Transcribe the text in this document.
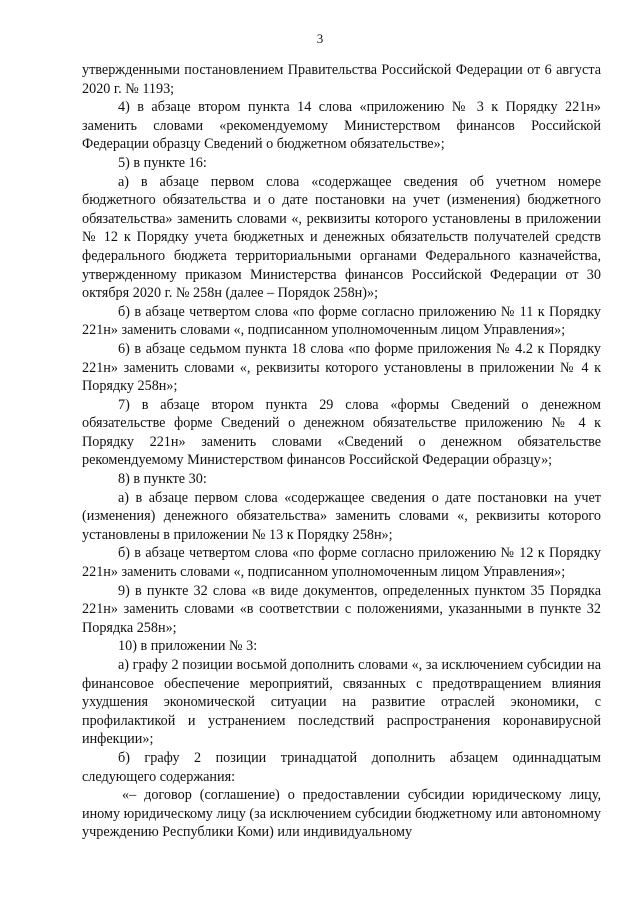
3

утвержденными постановлением Правительства Российской Федерации от 6 августа 2020 г. № 1193;

4) в абзаце втором пункта 14 слова «приложению № 3 к Порядку 221н» заменить словами «рекомендуемому Министерством финансов Российской Федерации образцу Сведений о бюджетном обязательстве»;

5) в пункте 16:

а) в абзаце первом слова «содержащее сведения об учетном номере бюджетного обязательства и о дате постановки на учет (изменения) бюджетного обязательства» заменить словами «, реквизиты которого установлены в приложении № 12 к Порядку учета бюджетных и денежных обязательств получателей средств федерального бюджета территориальными органами Федерального казначейства, утвержденному приказом Министерства финансов Российской Федерации от 30 октября 2020 г. № 258н (далее – Порядок 258н)»;

б) в абзаце четвертом слова «по форме согласно приложению № 11 к Порядку 221н» заменить словами «, подписанном уполномоченным лицом Управления»;

6) в абзаце седьмом пункта 18 слова «по форме приложения № 4.2 к Порядку 221н» заменить словами «, реквизиты которого установлены в приложении № 4 к Порядку 258н»;

7) в абзаце втором пункта 29 слова «формы Сведений о денежном обязательстве форме Сведений о денежном обязательстве приложению № 4 к Порядку 221н» заменить словами «Сведений о денежном обязательстве рекомендуемому Министерством финансов Российской Федерации образцу»;

8) в пункте 30:

а) в абзаце первом слова «содержащее сведения о дате постановки на учет (изменения) денежного обязательства» заменить словами «, реквизиты которого установлены в приложении № 13 к Порядку 258н»;

б) в абзаце четвертом слова «по форме согласно приложению № 12 к Порядку 221н» заменить словами «, подписанном уполномоченным лицом Управления»;

9) в пункте 32 слова «в виде документов, определенных пунктом 35 Порядка 221н» заменить словами «в соответствии с положениями, указанными в пункте 32 Порядка 258н»;

10) в приложении № 3:

а) графу 2 позиции восьмой дополнить словами «, за исключением субсидии на финансовое обеспечение мероприятий, связанных с предотвращением влияния ухудшения экономической ситуации на развитие отраслей экономики, с профилактикой и устранением последствий распространения коронавирусной инфекции»;

б) графу 2 позиции тринадцатой дополнить абзацем одиннадцатым следующего содержания:

«– договор (соглашение) о предоставлении субсидии юридическому лицу, иному юридическому лицу (за исключением субсидии бюджетному или автономному учреждению Республики Коми) или индивидуальному
